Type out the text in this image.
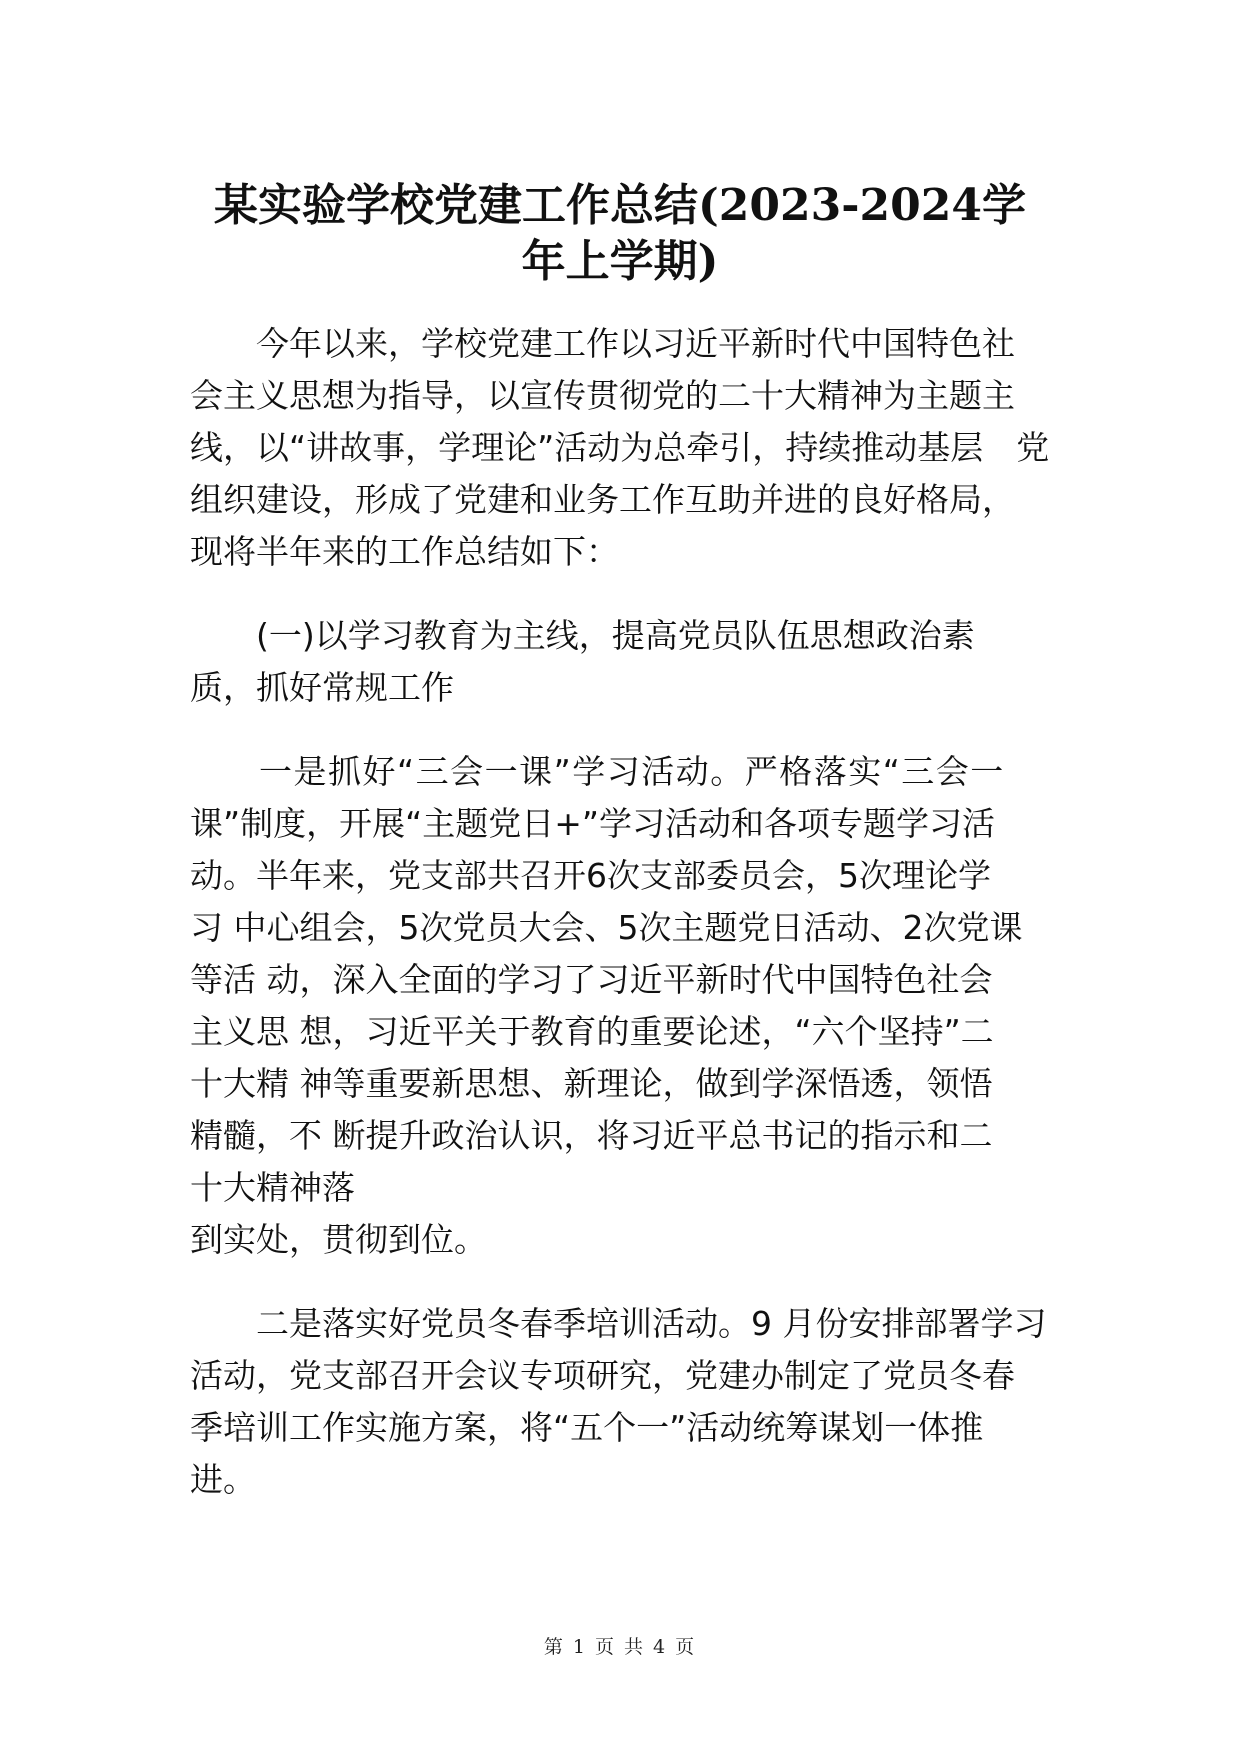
某实验学校党建工作总结(2023-2024学
年上学期)
　　今年以来，学校党建工作以习近平新时代中国特色社
会主义思想为指导，以宣传贯彻党的二十大精神为主题主
线，以“讲故事，学理论”活动为总牵引，持续推动基层　党
组织建设，形成了党建和业务工作互助并进的良好格局，
现将半年来的工作总结如下：
　　(一)以学习教育为主线，提高党员队伍思想政治素
质，抓好常规工作
　　一是抓好“三会一课”学习活动。严格落实“三会一
课”制度，开展“主题党日+”学习活动和各项专题学习活
动。半年来，党支部共召开6次支部委员会，5次理论学
习 中心组会，5次党员大会、5次主题党日活动、2次党课
等活 动，深入全面的学习了习近平新时代中国特色社会
主义思 想，习近平关于教育的重要论述，“六个坚持”二
十大精 神等重要新思想、新理论，做到学深悟透，领悟
精髓，不 断提升政治认识，将习近平总书记的指示和二
十大精神落
到实处，贯彻到位。
　　二是落实好党员冬春季培训活动。9 月份安排部署学习
活动，党支部召开会议专项研究，党建办制定了党员冬春
季培训工作实施方案，将“五个一”活动统筹谋划一体推
进。
第 1 页 共 4 页
